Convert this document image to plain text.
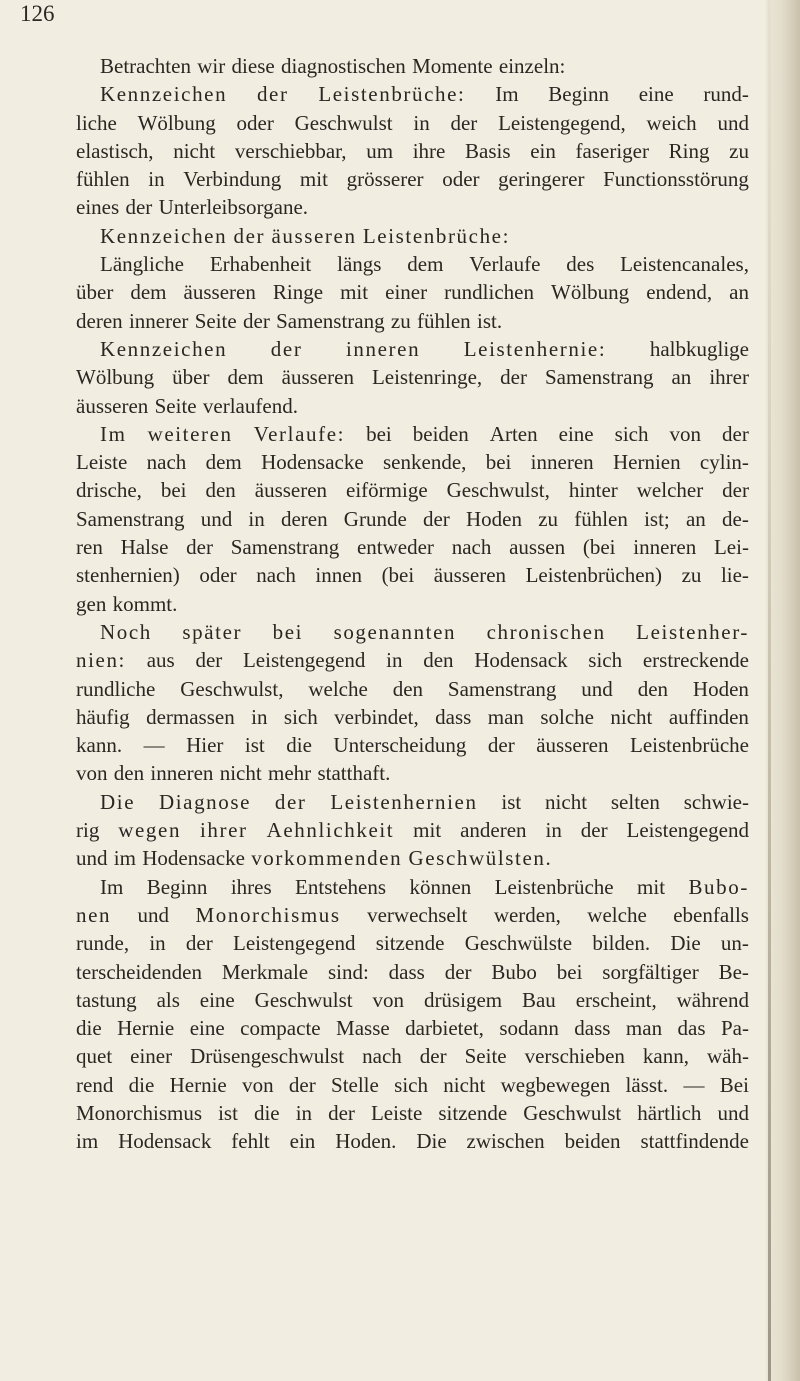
126
Betrachten wir diese diagnostischen Momente einzeln:
Kennzeichen der Leistenbrüche: Im Beginn eine rund-
liche Wölbung oder Geschwulst in der Leistengegend, weich und
elastisch, nicht verschiebbar, um ihre Basis ein faseriger Ring zu
fühlen in Verbindung mit grösserer oder geringerer Functionsstörung
eines der Unterleibsorgane.
Kennzeichen der äusseren Leistenbrüche:
Längliche Erhabenheit längs dem Verlaufe des Leistencanales,
über dem äusseren Ringe mit einer rundlichen Wölbung endend, an
deren innerer Seite der Samenstrang zu fühlen ist.
Kennzeichen der inneren Leistenhernie: halbkuglige
Wölbung über dem äusseren Leistenringe, der Samenstrang an ihrer
äusseren Seite verlaufend.
Im weiteren Verlaufe: bei beiden Arten eine sich von der
Leiste nach dem Hodensacke senkende, bei inneren Hernien cylin-
drische, bei den äusseren eiförmige Geschwulst, hinter welcher der
Samenstrang und in deren Grunde der Hoden zu fühlen ist; an de-
ren Halse der Samenstrang entweder nach aussen (bei inneren Lei-
stenhernien) oder nach innen (bei äusseren Leistenbrüchen) zu lie-
gen kommt.
Noch später bei sogenannten chronischen Leistenher-
nien: aus der Leistengegend in den Hodensack sich erstreckende
rundliche Geschwulst, welche den Samenstrang und den Hoden
häufig dermassen in sich verbindet, dass man solche nicht auffinden
kann. — Hier ist die Unterscheidung der äusseren Leistenbrüche
von den inneren nicht mehr statthaft.
Die Diagnose der Leistenhernien ist nicht selten schwie-
rig wegen ihrer Aehnlichkeit mit anderen in der Leistengegend
und im Hodensacke vorkommenden Geschwülsten.
Im Beginn ihres Entstehens können Leistenbrüche mit Bubo-
nen und Monorchismus verwechselt werden, welche ebenfalls
runde, in der Leistengegend sitzende Geschwülste bilden. Die un-
terscheidenden Merkmale sind: dass der Bubo bei sorgfältiger Be-
tastung als eine Geschwulst von drüsigem Bau erscheint, während
die Hernie eine compacte Masse darbietet, sodann dass man das Pa-
quet einer Drüsengeschwulst nach der Seite verschieben kann, wäh-
rend die Hernie von der Stelle sich nicht wegbewegen lässt. — Bei
Monorchismus ist die in der Leiste sitzende Geschwulst härtlich und
im Hodensack fehlt ein Hoden. Die zwischen beiden stattfindende
